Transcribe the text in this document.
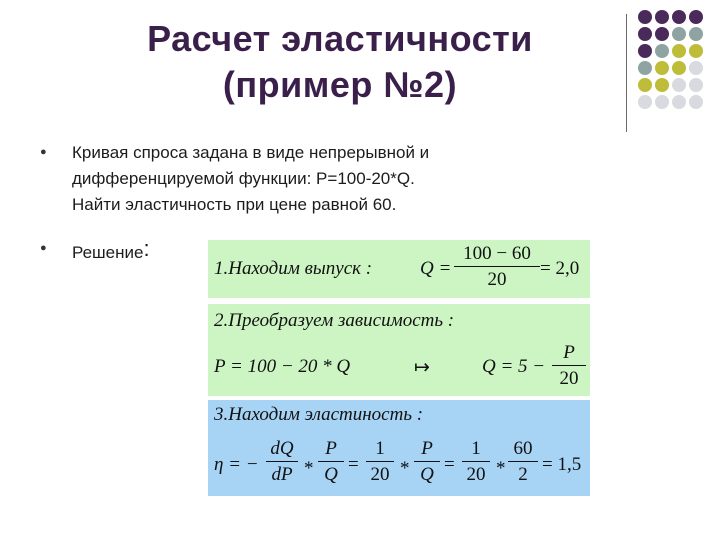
Расчет эластичности
(пример №2)
● Кривая спроса задана в виде непрерывной и
дифференцируемой функции: P=100-20*Q.
Найти эластичность при цене равной 60.
● Решение:
1.Находим выпуск :	Q =
100 − 60
20
= 2,0
2.Преобразуем зависимость :
P = 100 − 20 * Q	↦	Q = 5 −
P
20
3.Находим эластиность :
η = −
dQ
dP *
P
Q =
1
20 *
P
Q =
1
20 *
60
2 = 1,5
